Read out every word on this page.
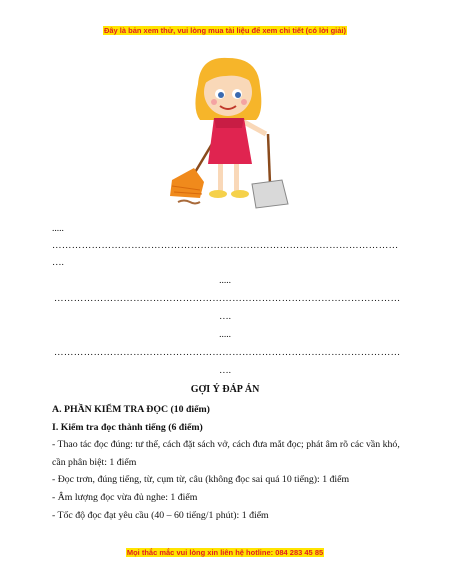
Đây là bản xem thử, vui lòng mua tài liệu để xem chi tiết (có lời giải)
.....
……………………………………………………………………………………………
….
.....
……………………………………………………………………………………………
….
.....
……………………………………………………………………………………………
….
GỢI Ý ĐÁP ÁN
A. PHẦN KIỂM TRA ĐỌC (10 điểm)
I. Kiểm tra đọc thành tiếng (6 điểm)
- Thao tác đọc đúng: tư thế, cách đặt sách vở, cách đưa mắt đọc; phát âm rõ các vần khó, cần phân biệt: 1 điểm
- Đọc trơn, đúng tiếng, từ, cụm từ, câu (không đọc sai quá 10 tiếng): 1 điểm
- Âm lượng đọc vừa đủ nghe: 1 điểm
- Tốc độ đọc đạt yêu cầu (40 – 60 tiếng/1 phút): 1 điểm
Mọi thắc mắc vui lòng xin liên hệ hotline: 084 283 45 85
